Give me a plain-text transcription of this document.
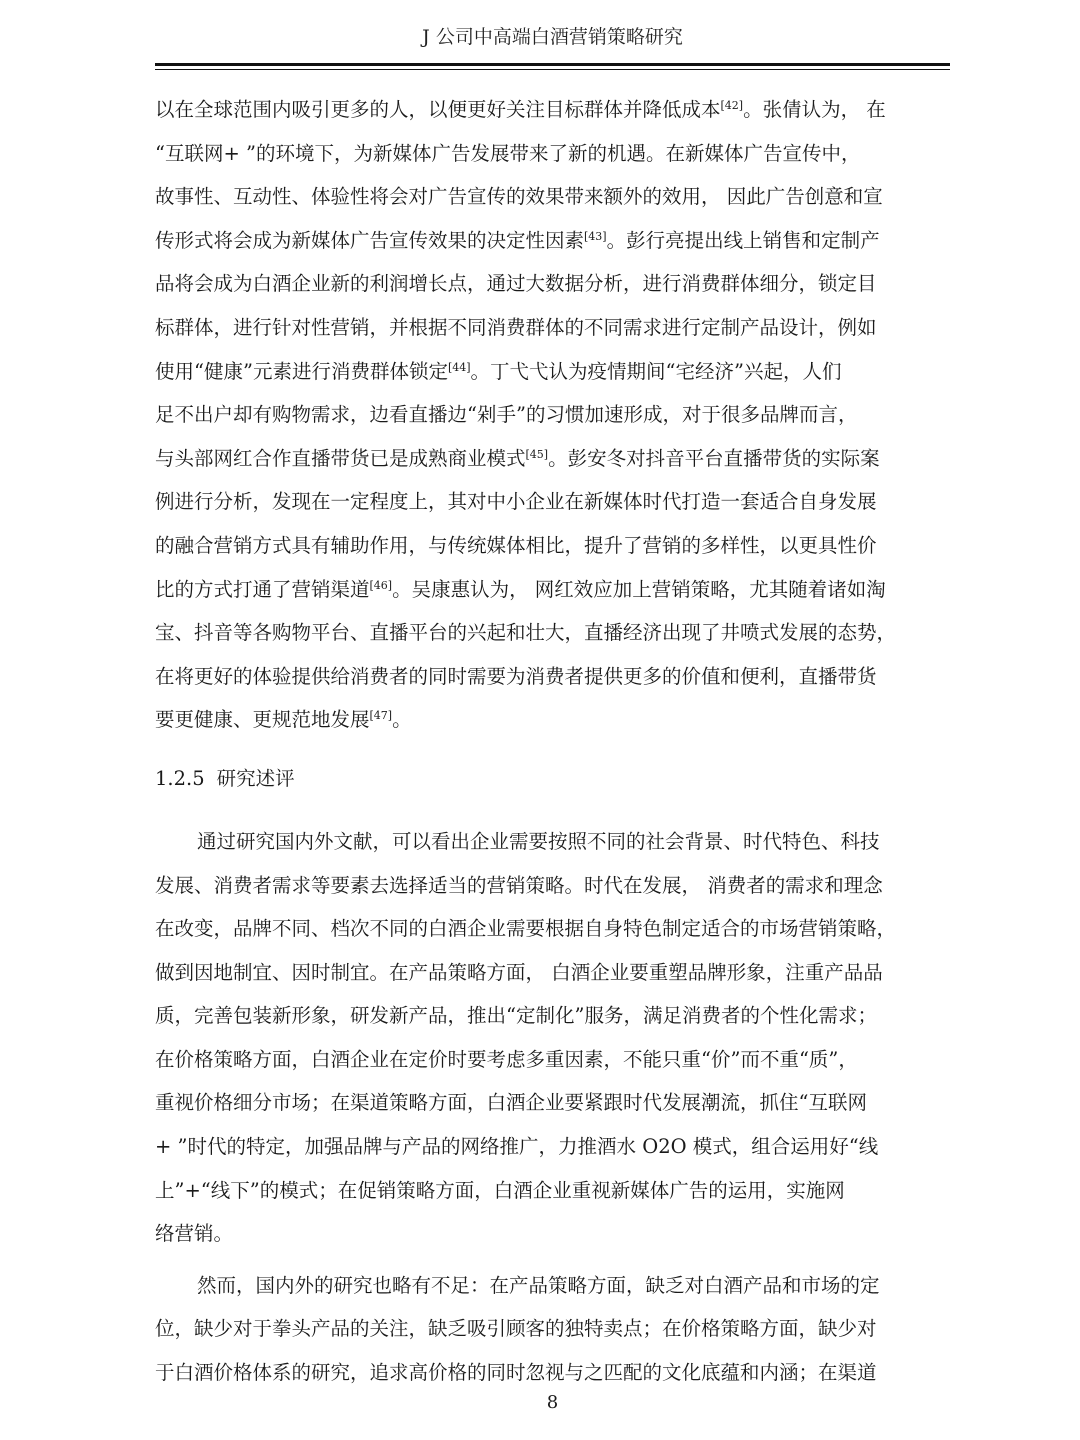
J 公司中高端白酒营销策略研究
以在全球范围内吸引更多的人，以便更好关注目标群体并降低成本[42]。张倩认为， 在
“互联网+ ”的环境下，为新媒体广告发展带来了新的机遇。在新媒体广告宣传中，
故事性、互动性、体验性将会对广告宣传的效果带来额外的效用， 因此广告创意和宣
传形式将会成为新媒体广告宣传效果的决定性因素[43]。彭行亮提出线上销售和定制产
品将会成为白酒企业新的利润增长点，通过大数据分析，进行消费群体细分，锁定目
标群体，进行针对性营销，并根据不同消费群体的不同需求进行定制产品设计，例如
使用“健康”元素进行消费群体锁定[44]。丁弋弋认为疫情期间“宅经济”兴起，人们
足不出户却有购物需求，边看直播边“剁手”的习惯加速形成，对于很多品牌而言，
与头部网红合作直播带货已是成熟商业模式[45]。彭安冬对抖音平台直播带货的实际案
例进行分析，发现在一定程度上，其对中小企业在新媒体时代打造一套适合自身发展
的融合营销方式具有辅助作用，与传统媒体相比，提升了营销的多样性，以更具性价
比的方式打通了营销渠道[46]。吴康惠认为， 网红效应加上营销策略，尤其随着诸如淘
宝、抖音等各购物平台、直播平台的兴起和壮大，直播经济出现了井喷式发展的态势，
在将更好的体验提供给消费者的同时需要为消费者提供更多的价值和便利，直播带货
要更健康、更规范地发展[47]。
1.2.5 研究述评
通过研究国内外文献，可以看出企业需要按照不同的社会背景、时代特色、科技
发展、消费者需求等要素去选择适当的营销策略。时代在发展， 消费者的需求和理念
在改变，品牌不同、档次不同的白酒企业需要根据自身特色制定适合的市场营销策略，
做到因地制宜、因时制宜。在产品策略方面， 白酒企业要重塑品牌形象，注重产品品
质，完善包装新形象，研发新产品，推出“定制化”服务，满足消费者的个性化需求；
在价格策略方面，白酒企业在定价时要考虑多重因素，不能只重“价”而不重“质”，
重视价格细分市场；在渠道策略方面，白酒企业要紧跟时代发展潮流，抓住“互联网
+ ”时代的特定，加强品牌与产品的网络推广，力推酒水 O2O 模式，组合运用好“线
上”+“线下”的模式；在促销策略方面，白酒企业重视新媒体广告的运用，实施网
络营销。
然而，国内外的研究也略有不足：在产品策略方面，缺乏对白酒产品和市场的定
位，缺少对于拳头产品的关注，缺乏吸引顾客的独特卖点；在价格策略方面，缺少对
于白酒价格体系的研究，追求高价格的同时忽视与之匹配的文化底蕴和内涵；在渠道
8
